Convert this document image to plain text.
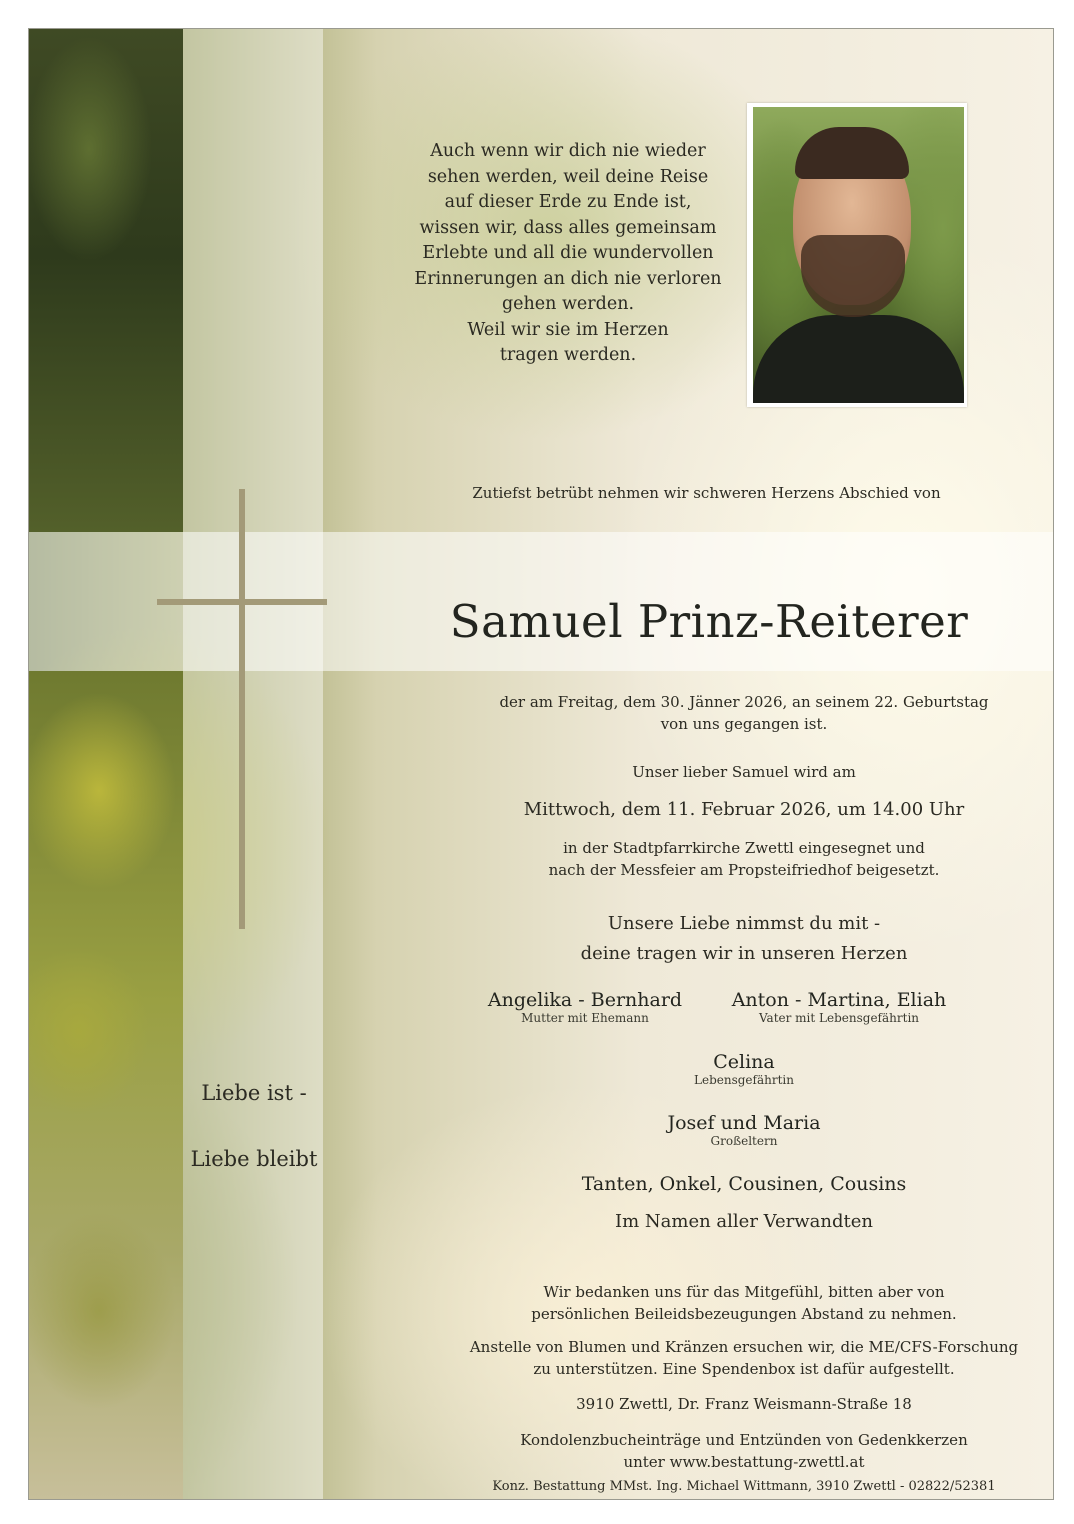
Auch wenn wir dich nie wieder
sehen werden, weil deine Reise
auf dieser Erde zu Ende ist,
wissen wir, dass alles gemeinsam
Erlebte und all die wundervollen
Erinnerungen an dich nie verloren
gehen werden.
Weil wir sie im Herzen
tragen werden.
Zutiefst betrübt nehmen wir schweren Herzens Abschied von
Samuel Prinz-Reiterer
der am Freitag, dem 30. Jänner 2026, an seinem 22. Geburtstag
von uns gegangen ist.
Unser lieber Samuel wird am
Mittwoch, dem 11. Februar 2026, um 14.00 Uhr
in der Stadtpfarrkirche Zwettl eingesegnet und
nach der Messfeier am Propsteifriedhof beigesetzt.
Unsere Liebe nimmst du mit -
deine tragen wir in unseren Herzen
Angelika - Bernhard
Mutter mit Ehemann
Anton - Martina, Eliah
Vater mit Lebensgefährtin
Celina
Lebensgefährtin
Josef und Maria
Großeltern
Tanten, Onkel, Cousinen, Cousins
Im Namen aller Verwandten
Wir bedanken uns für das Mitgefühl, bitten aber von
persönlichen Beileidsbezeugungen Abstand zu nehmen.
Anstelle von Blumen und Kränzen ersuchen wir, die ME/CFS-Forschung
zu unterstützen. Eine Spendenbox ist dafür aufgestellt.
3910 Zwettl, Dr. Franz Weismann-Straße 18
Kondolenzbucheinträge und Entzünden von Gedenkkerzen
unter www.bestattung-zwettl.at
Konz. Bestattung MMst. Ing. Michael Wittmann, 3910 Zwettl - 02822/52381
Liebe ist -
Liebe bleibt
